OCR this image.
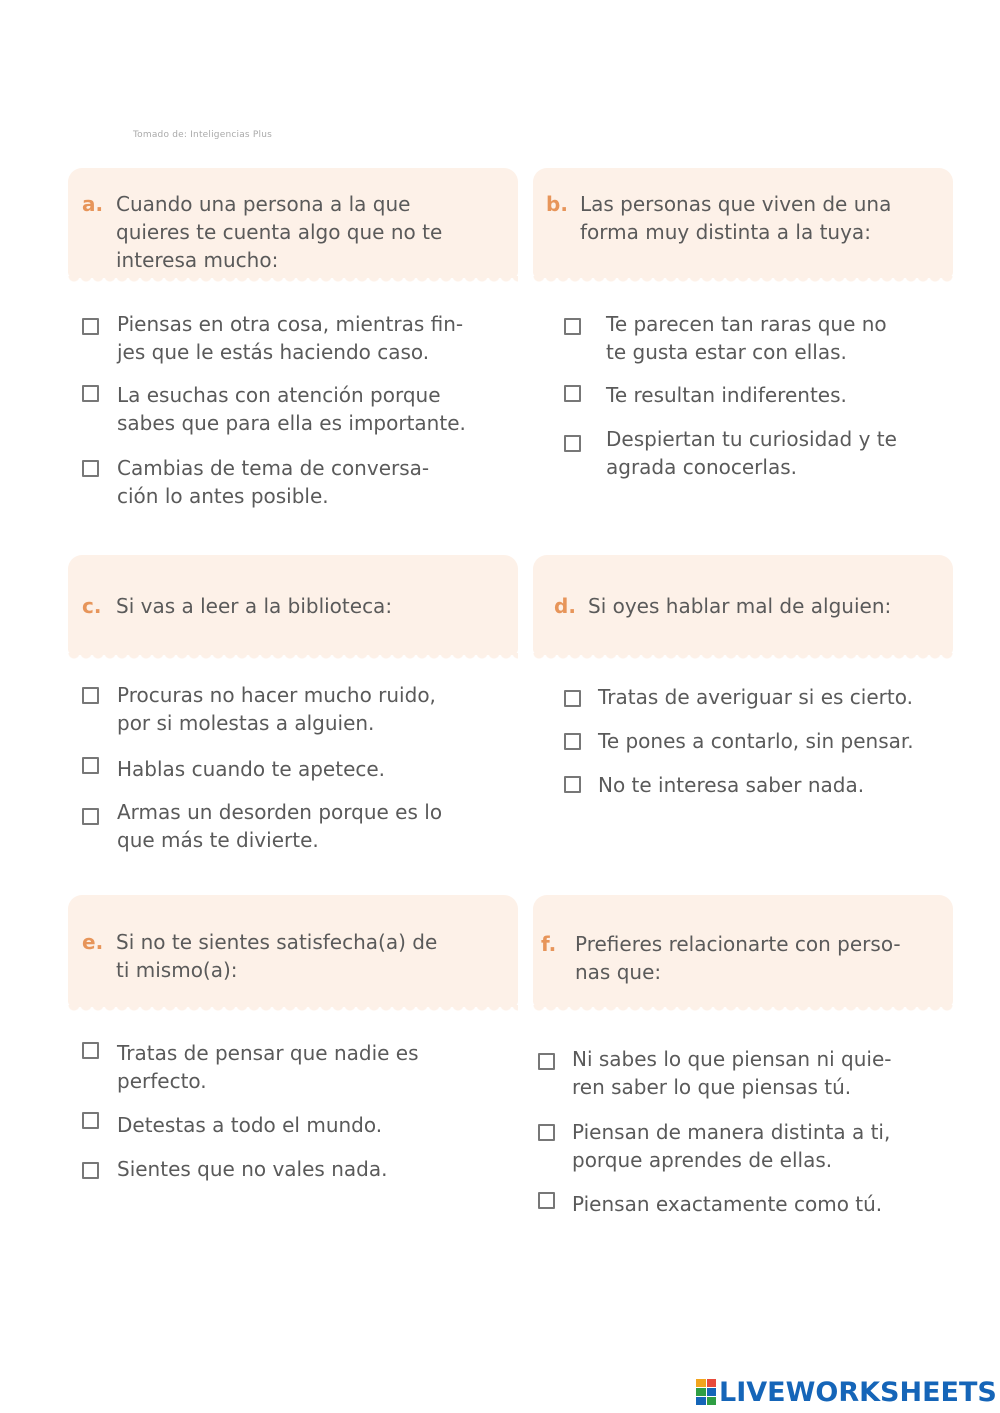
Tomado de: Inteligencias Plus
a. Cuando una persona a la que
quieres te cuenta algo que no te
interesa mucho:
Piensas en otra cosa, mientras fin-
jes que le estás haciendo caso.
La esuchas con atención porque
sabes que para ella es importante.
Cambias de tema de conversa-
ción lo antes posible.
b. Las personas que viven de una
forma muy distinta a la tuya:
Te parecen tan raras que no
te gusta estar con ellas.
Te resultan indiferentes.
Despiertan tu curiosidad y te
agrada conocerlas.
c. Si vas a leer a la biblioteca:
Procuras no hacer mucho ruido,
por si molestas a alguien.
Hablas cuando te apetece.
Armas un desorden porque es lo
que más te divierte.
d. Si oyes hablar mal de alguien:
Tratas de averiguar si es cierto.
Te pones a contarlo, sin pensar.
No te interesa saber nada.
e. Si no te sientes satisfecha(a) de
ti mismo(a):
Tratas de pensar que nadie es
perfecto.
Detestas a todo el mundo.
Sientes que no vales nada.
f. Prefieres relacionarte con perso-
nas que:
Ni sabes lo que piensan ni quie-
ren saber lo que piensas tú.
Piensan de manera distinta a ti,
porque aprendes de ellas.
Piensan exactamente como tú.
LIVEWORKSHEETS
